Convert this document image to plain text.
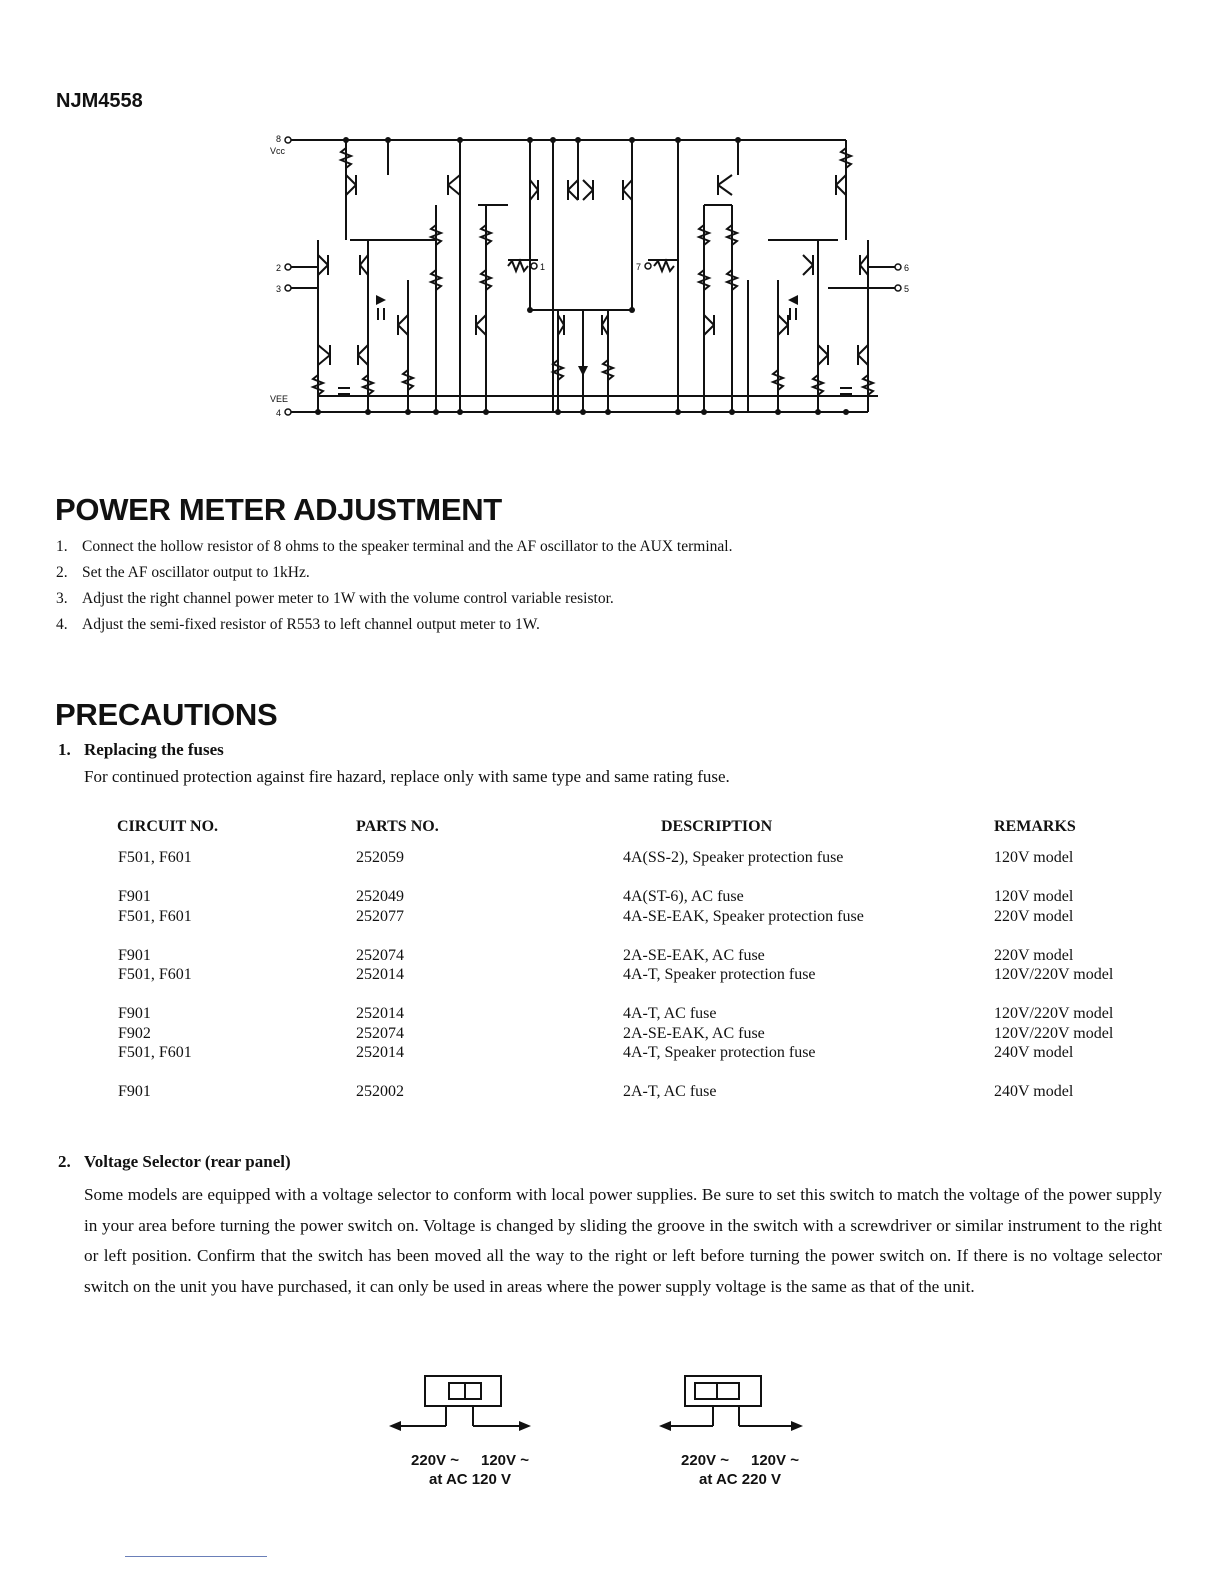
NJM4558
8
Vcc
2
3
VEE
4
1	7	6
5
POWER METER ADJUSTMENT
1. Connect the hollow resistor of 8 ohms to the speaker terminal and the AF oscillator to the AUX terminal.
2. Set the AF oscillator output to 1kHz.
3. Adjust the right channel power meter to 1W with the volume control variable resistor.
4. Adjust the semi-fixed resistor of R553 to left channel output meter to 1W.
PRECAUTIONS
1. Replacing the fuses
For continued protection against fire hazard, replace only with same type and same rating fuse.
CIRCUIT NO.	PARTS NO.	DESCRIPTION	REMARKS
F501, F601	252059	4A(SS-2), Speaker protection fuse	120V model
F901	252049	4A(ST-6), AC fuse	120V model
F501, F601	252077	4A-SE-EAK, Speaker protection fuse	220V model
F901	252074	2A-SE-EAK, AC fuse	220V model
F501, F601	252014	4A-T, Speaker protection fuse	120V/220V model
F901	252014	4A-T, AC fuse	120V/220V model
F902	252074	2A-SE-EAK, AC fuse	120V/220V model
F501, F601	252014	4A-T, Speaker protection fuse	240V model
F901	252002	2A-T, AC fuse	240V model
2. Voltage Selector (rear panel)
Some models are equipped with a voltage selector to conform with local power supplies. Be sure to set this switch to match the voltage of the power supply in your area before turning the power switch on. Voltage is changed by sliding the groove in the switch with a screwdriver or similar instrument to the right or left position. Confirm that the switch has been moved all the way to the right or left before turning the power switch on. If there is no voltage selector switch on the unit you have purchased, it can only be used in areas where the power supply voltage is the same as that of the unit.
220V ~ 120V ~
at AC 120 V
220V ~ 120V ~
at AC 220 V
